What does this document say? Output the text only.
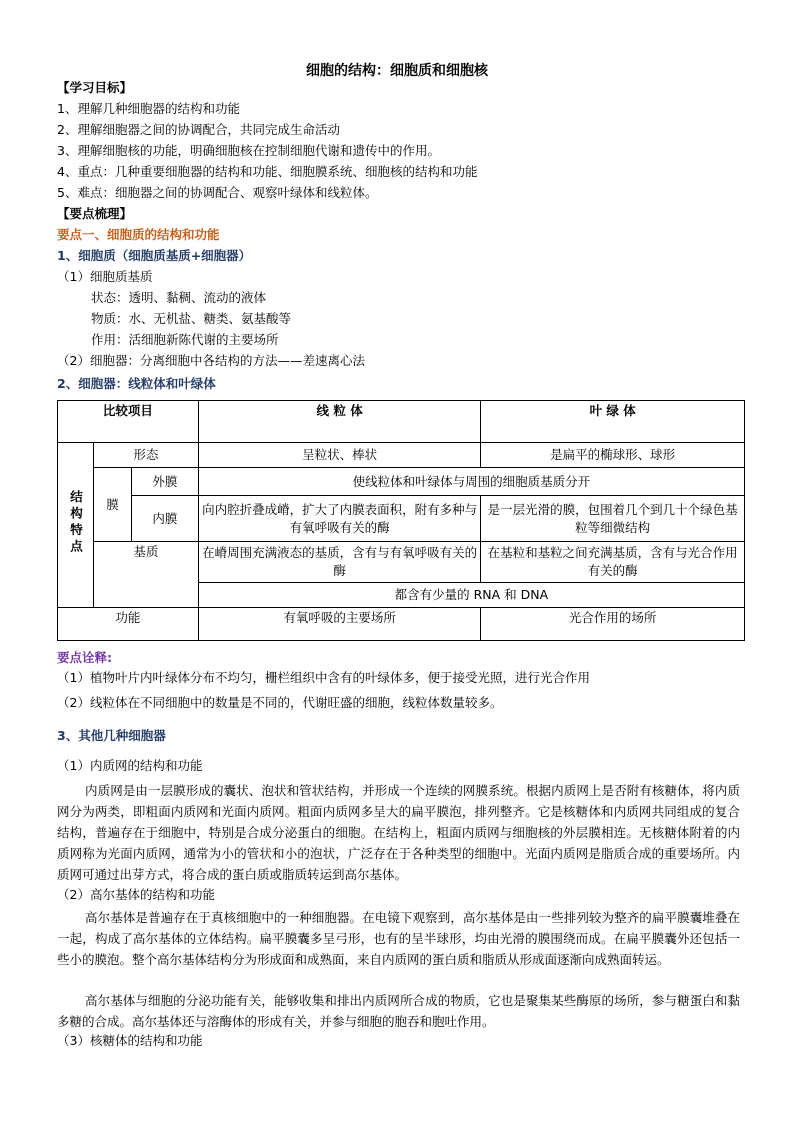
细胞的结构：细胞质和细胞核
【学习目标】
1、理解几种细胞器的结构和功能
2、理解细胞器之间的协调配合，共同完成生命活动
3、理解细胞核的功能，明确细胞核在控制细胞代谢和遗传中的作用。
4、重点：几种重要细胞器的结构和功能、细胞膜系统、细胞核的结构和功能
5、难点：细胞器之间的协调配合、观察叶绿体和线粒体。
【要点梳理】
要点一、细胞质的结构和功能
1、细胞质（细胞质基质+细胞器）
（1）细胞质基质
状态：透明、黏稠、流动的液体
物质：水、无机盐、糖类、氨基酸等
作用：活细胞新陈代谢的主要场所
（2）细胞器：分离细胞中各结构的方法——差速离心法
2、细胞器：线粒体和叶绿体
比较项目			线 粒 体	叶 绿 体
结构特点	形态		呈粒状、棒状	是扁平的椭球形、球形
	膜	外膜	使线粒体和叶绿体与周围的细胞质基质分开	
		内膜	向内腔折叠成嵴，扩大了内膜表面积，附有多种与有氧呼吸有关的酶	是一层光滑的膜，包围着几个到几十个绿色基粒等细微结构
	基质		在嵴周围充满液态的基质，含有与有氧呼吸有关的酶	在基粒和基粒之间充满基质，含有与光合作用有关的酶
			都含有少量的 RNA 和 DNA	
功能			有氧呼吸的主要场所	光合作用的场所
要点诠释:
（1）植物叶片内叶绿体分布不均匀，栅栏组织中含有的叶绿体多，便于接受光照，进行光合作用
（2）线粒体在不同细胞中的数量是不同的，代谢旺盛的细胞，线粒体数量较多。
3、其他几种细胞器
（1）内质网的结构和功能

内质网是由一层膜形成的囊状、泡状和管状结构，并形成一个连续的网膜系统。根据内质网上是否附有核糖体，将内质网分为两类，即粗面内质网和光面内质网。粗面内质网多呈大的扁平膜泡，排列整齐。它是核糖体和内质网共同组成的复合结构，普遍存在于细胞中，特别是合成分泌蛋白的细胞。在结构上，粗面内质网与细胞核的外层膜相连。无核糖体附着的内质网称为光面内质网，通常为小的管状和小的泡状，广泛存在于各种类型的细胞中。光面内质网是脂质合成的重要场所。内质网可通过出芽方式，将合成的蛋白质或脂质转运到高尔基体。

（2）高尔基体的结构和功能

高尔基体是普遍存在于真核细胞中的一种细胞器。在电镜下观察到，高尔基体是由一些排列较为整齐的扁平膜囊堆叠在一起，构成了高尔基体的立体结构。扁平膜囊多呈弓形，也有的呈半球形，均由光滑的膜围绕而成。在扁平膜囊外还包括一些小的膜泡。整个高尔基体结构分为形成面和成熟面，来自内质网的蛋白质和脂质从形成面逐渐向成熟面转运。

高尔基体与细胞的分泌功能有关，能够收集和排出内质网所合成的物质，它也是聚集某些酶原的场所，参与糖蛋白和黏多糖的合成。高尔基体还与溶酶体的形成有关，并参与细胞的胞吞和胞吐作用。

（3）核糖体的结构和功能
